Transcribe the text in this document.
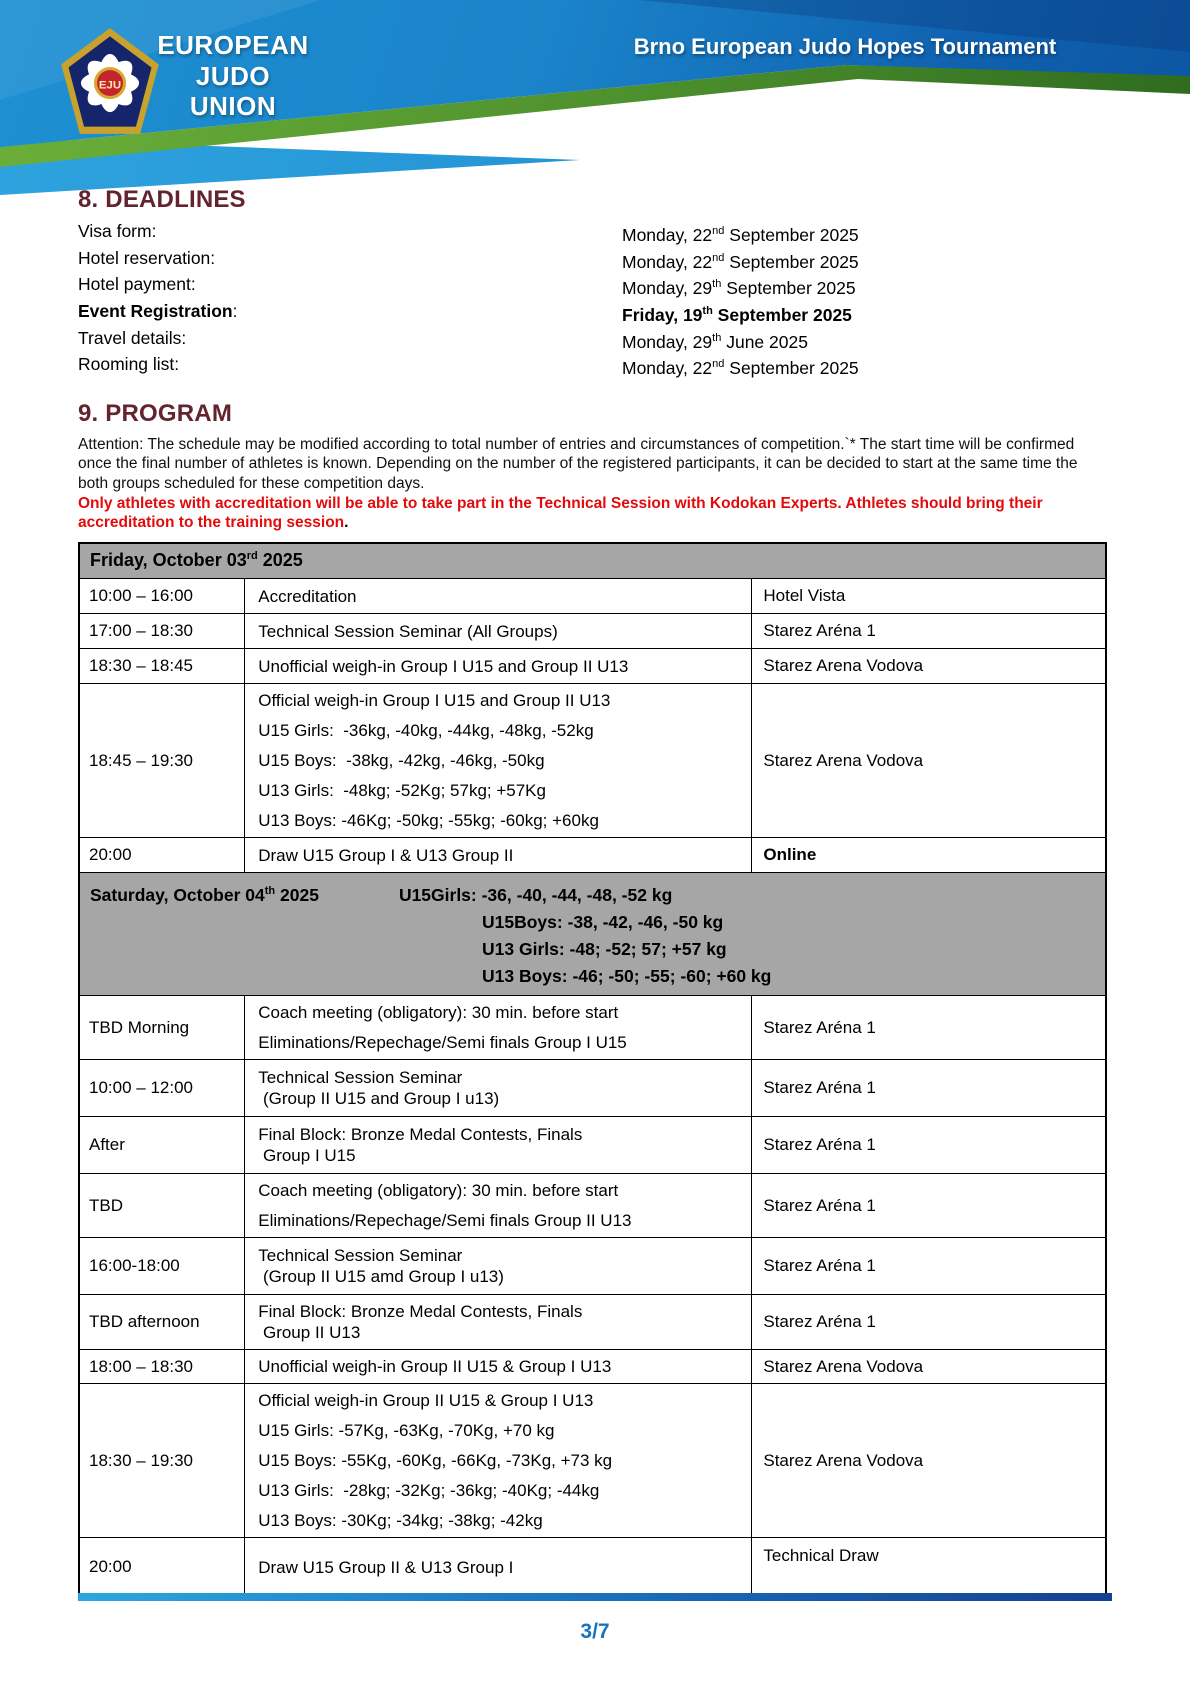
EJU
EUROPEAN
JUDO
UNION
Brno European Judo Hopes Tournament
8. DEADLINES
Visa form:	Monday, 22nd September 2025
Hotel reservation:	Monday, 22nd September 2025
Hotel payment:	Monday, 29th September 2025
Event Registration:	Friday, 19th September 2025
Travel details:	Monday, 29th June 2025
Rooming list:	Monday, 22nd September 2025
9. PROGRAM

Attention: The schedule may be modified according to total number of entries and circumstances of competition.`* The start time will be confirmed once the final number of athletes is known. Depending on the number of the registered participants, it can be decided to start at the same time the both groups scheduled for these competition days.

Only athletes with accreditation will be able to take part in the Technical Session with Kodokan Experts. Athletes should bring their accreditation to the training session.

Friday, October 03rd 2025		
10:00 – 16:00	Accreditation	Hotel Vista
17:00 – 18:30	Technical Session Seminar (All Groups)	Starez Aréna 1
18:30 – 18:45	Unofficial weigh-in Group I U15 and Group II U13	Starez Arena Vodova
18:45 – 19:30	Official weigh-in Group I U15 and Group II U13
U15 Girls:  -36kg, -40kg, -44kg, -48kg, -52kg
U15 Boys:  -38kg, -42kg, -46kg, -50kg
U13 Girls:  -48kg; -52Kg; 57kg; +57Kg
U13 Boys: -46Kg; -50kg; -55kg; -60kg; +60kg	Starez Arena Vodova
20:00	Draw U15 Group I & U13 Group II	Online

Saturday, October 04th 2025 U15Girls: -36, -40, -44, -48, -52 kg
U15Boys: -38, -42, -46, -50 kg
U13 Girls: -48; -52; 57; +57 kg
U13 Boys: -46; -50; -55; -60; +60 kg		

TBD Morning	Coach meeting (obligatory): 30 min. before start
Eliminations/Repechage/Semi finals Group I U15	Starez Aréna 1
10:00 – 12:00	Technical Session Seminar
(Group II U15 and Group I u13)	Starez Aréna 1
After	Final Block: Bronze Medal Contests, Finals
Group I U15	Starez Aréna 1
TBD	Coach meeting (obligatory): 30 min. before start
Eliminations/Repechage/Semi finals Group II U13	Starez Aréna 1
16:00-18:00	Technical Session Seminar
(Group II U15 amd Group I u13)	Starez Aréna 1
TBD afternoon	Final Block: Bronze Medal Contests, Finals
Group II U13	Starez Aréna 1
18:00 – 18:30	Unofficial weigh-in Group II U15 & Group I U13	Starez Arena Vodova
18:30 – 19:30	Official weigh-in Group II U15 & Group I U13
U15 Girls: -57Kg, -63Kg, -70Kg, +70 kg
U15 Boys: -55Kg, -60Kg, -66Kg, -73Kg, +73 kg
U13 Girls:  -28kg; -32Kg; -36kg; -40Kg; -44kg
U13 Boys: -30Kg; -34kg; -38kg; -42kg	Starez Arena Vodova
20:00	Draw U15 Group II & U13 Group I	Technical Draw
3/7
